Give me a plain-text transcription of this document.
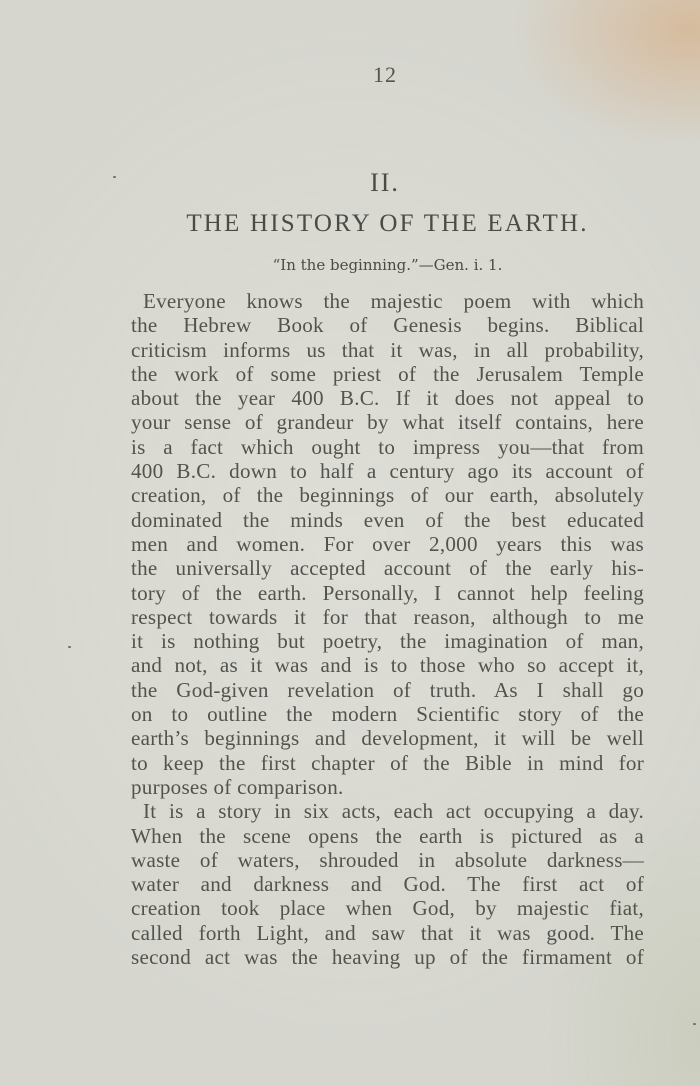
12
II.
THE HISTORY OF THE EARTH.
“In the beginning.”—Gen. i. 1.
Everyone knows the majestic poem with which
the Hebrew Book of Genesis begins. Biblical
criticism informs us that it was, in all probability,
the work of some priest of the Jerusalem Temple
about the year 400 B.C. If it does not appeal to
your sense of grandeur by what itself contains, here
is a fact which ought to impress you—that from
400 B.C. down to half a century ago its account of
creation, of the beginnings of our earth, absolutely
dominated the minds even of the best educated
men and women. For over 2,000 years this was
the universally accepted account of the early his-
tory of the earth. Personally, I cannot help feeling
respect towards it for that reason, although to me
it is nothing but poetry, the imagination of man,
and not, as it was and is to those who so accept it,
the God-given revelation of truth. As I shall go
on to outline the modern Scientific story of the
earth’s beginnings and development, it will be well
to keep the first chapter of the Bible in mind for
purposes of comparison.
It is a story in six acts, each act occupying a day.
When the scene opens the earth is pictured as a
waste of waters, shrouded in absolute darkness—
water and darkness and God. The first act of
creation took place when God, by majestic fiat,
called forth Light, and saw that it was good. The
second act was the heaving up of the firmament of
